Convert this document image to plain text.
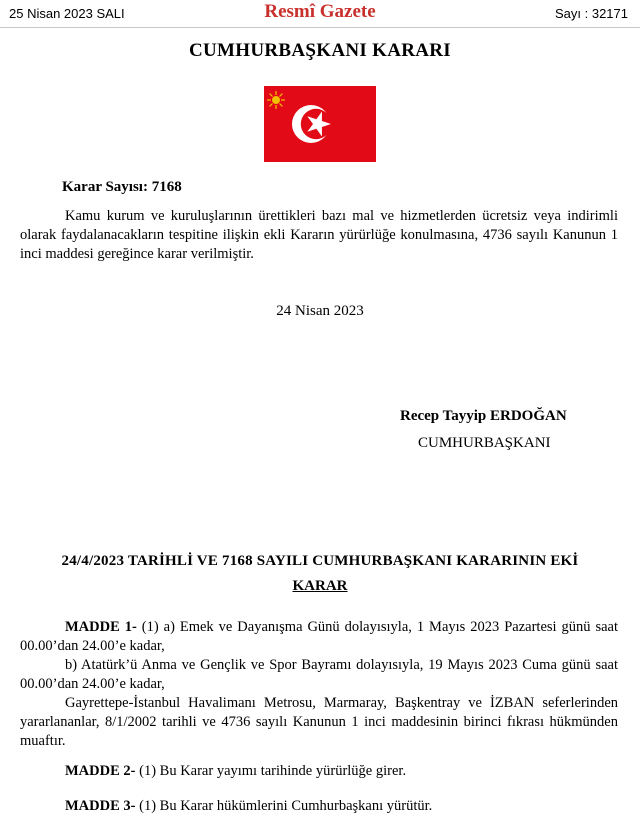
25 Nisan 2023 SALI	Resmî Gazete	Sayı : 32171
CUMHURBAŞKANI KARARI
Karar Sayısı: 7168

Kamu kurum ve kuruluşlarının ürettikleri bazı mal ve hizmetlerden ücretsiz veya indirimli olarak faydalanacakların tespitine ilişkin ekli Kararın yürürlüğe konulmasına, 4736 sayılı Kanunun 1 inci maddesi gereğince karar verilmiştir.

24 Nisan 2023
Recep Tayyip ERDOĞAN
CUMHURBAŞKANI
24/4/2023 TARİHLİ VE 7168 SAYILI CUMHURBAŞKANI KARARININ EKİ
KARAR

MADDE 1- (1) a) Emek ve Dayanışma Günü dolayısıyla, 1 Mayıs 2023 Pazartesi günü saat 00.00’dan 24.00’e kadar,

b) Atatürk’ü Anma ve Gençlik ve Spor Bayramı dolayısıyla, 19 Mayıs 2023 Cuma günü saat 00.00’dan 24.00’e kadar,

Gayrettepe-İstanbul Havalimanı Metrosu, Marmaray, Başkentray ve İZBAN seferlerinden yararlananlar, 8/1/2002 tarihli ve 4736 sayılı Kanunun 1 inci maddesinin birinci fıkrası hükmünden muaftır.

MADDE 2- (1) Bu Karar yayımı tarihinde yürürlüğe girer.

MADDE 3- (1) Bu Karar hükümlerini Cumhurbaşkanı yürütür.
